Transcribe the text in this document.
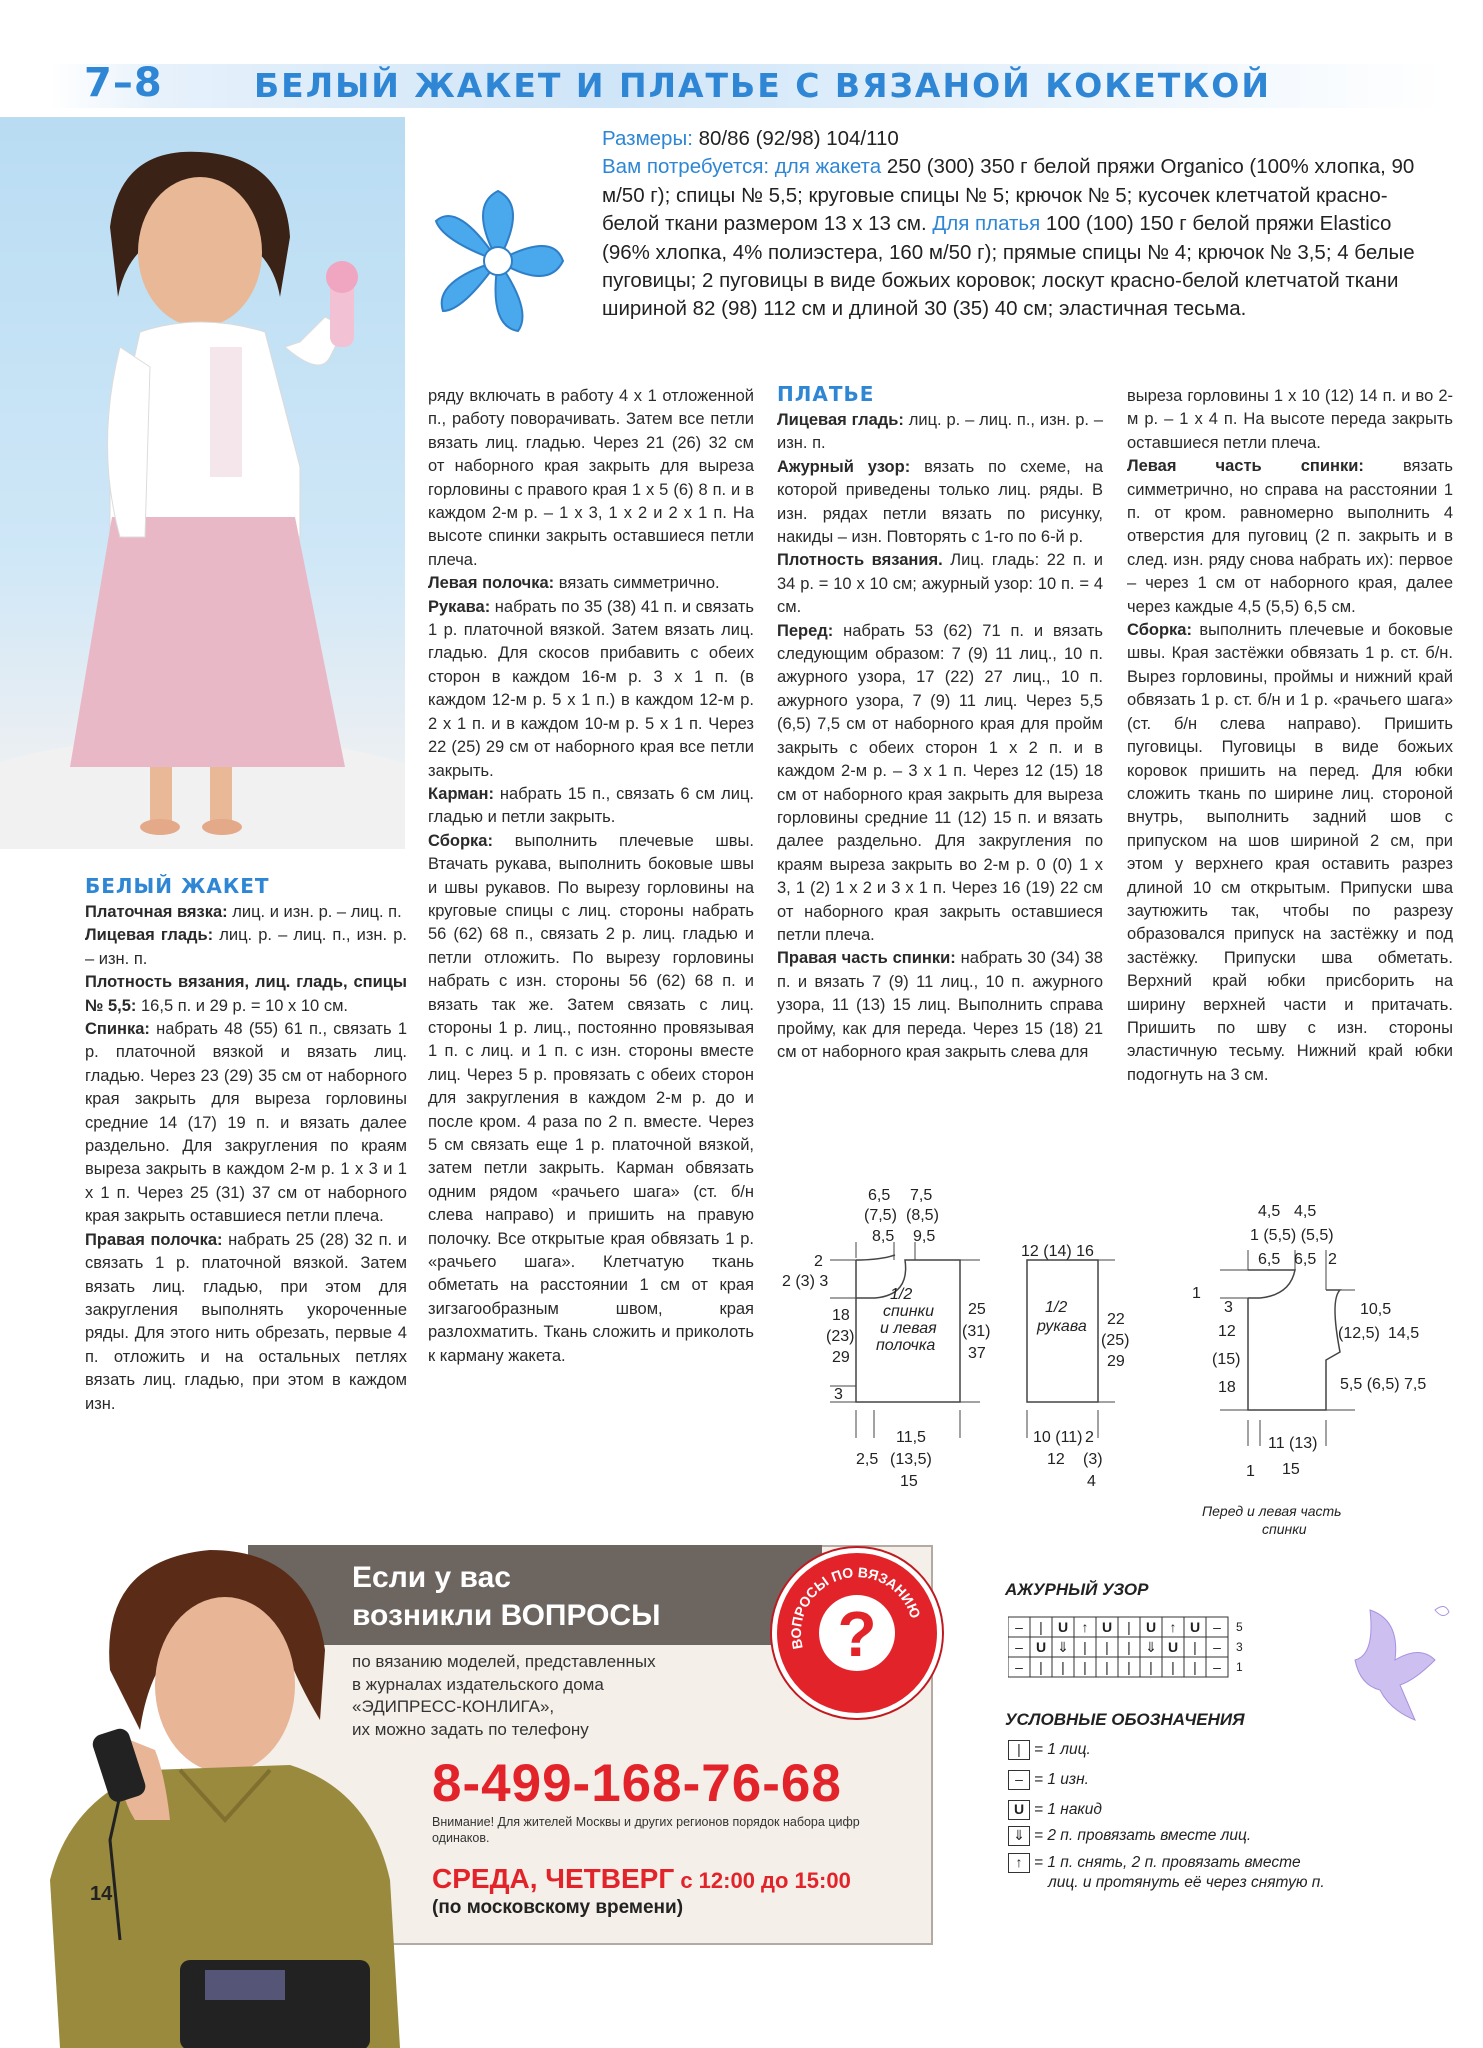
7–8	БЕЛЫЙ ЖАКЕТ И ПЛАТЬЕ С ВЯЗАНОЙ КОКЕТКОЙ
Размеры: 80/86 (92/98) 104/110
Вам потребуется: для жакета 250 (300) 350 г белой пряжи Organico (100% хлопка, 90 м/50 г); спицы № 5,5; круговые спицы № 5; крючок № 5; кусочек клетчатой красно-белой ткани размером 13 х 13 см. Для платья 100 (100) 150 г белой пряжи Elastico (96% хлопка, 4% полиэстера, 160 м/50 г); прямые спицы № 4; крючок № 3,5; 4 белые пуговицы; 2 пуговицы в виде божьих коровок; лоскут красно-белой клетчатой ткани шириной 82 (98) 112 см и длиной 30 (35) 40 см; эластичная тесьма.
БЕЛЫЙ ЖАКЕТ

Платочная вязка: лиц. и изн. р. – лиц. п.

Лицевая гладь: лиц. р. – лиц. п., изн. р. – изн. п.

Плотность вязания, лиц. гладь, спицы № 5,5: 16,5 п. и 29 р. = 10 х 10 см.

Спинка: набрать 48 (55) 61 п., связать 1 р. платочной вязкой и вязать лиц. гладью. Через 23 (29) 35 см от наборного края закрыть для выреза горловины средние 14 (17) 19 п. и вязать далее раздельно. Для закругления по краям выреза закрыть в каждом 2-м р. 1 х 3 и 1 х 1 п. Через 25 (31) 37 см от наборного края закрыть оставшиеся петли плеча.

Правая полочка: набрать 25 (28) 32 п. и связать 1 р. платочной вязкой. Затем вязать лиц. гладью, при этом для закругления выполнять укороченные ряды. Для этого нить обрезать, первые 4 п. отложить и на остальных петлях вязать лиц. гладью, при этом в каждом изн.

ряду включать в работу 4 х 1 отложенной п., работу поворачивать. Затем все петли вязать лиц. гладью. Через 21 (26) 32 см от наборного края закрыть для выреза горловины с правого края 1 х 5 (6) 8 п. и в каждом 2-м р. – 1 х 3, 1 х 2 и 2 х 1 п. На высоте спинки закрыть оставшиеся петли плеча.

Левая полочка: вязать симметрично.

Рукава: набрать по 35 (38) 41 п. и связать 1 р. платочной вязкой. Затем вязать лиц. гладью. Для скосов прибавить с обеих сторон в каждом 16-м р. 3 х 1 п. (в каждом 12-м р. 5 х 1 п.) в каждом 12-м р. 2 х 1 п. и в каждом 10-м р. 5 х 1 п. Через 22 (25) 29 см от наборного края все петли закрыть.

Карман: набрать 15 п., связать 6 см лиц. гладью и петли закрыть.

Сборка: выполнить плечевые швы. Втачать рукава, выполнить боковые швы и швы рукавов. По вырезу горловины на круговые спицы с лиц. стороны набрать 56 (62) 68 п., связать 2 р. лиц. гладью и петли отложить. По вырезу горловины набрать с изн. стороны 56 (62) 68 п. и вязать так же. Затем связать с лиц. стороны 1 р. лиц., постоянно провязывая 1 п. с лиц. и 1 п. с изн. стороны вместе лиц. Через 5 р. провязать с обеих сторон для закругления в каждом 2-м р. до и после кром. 4 раза по 2 п. вместе. Через 5 см связать еще 1 р. платочной вязкой, затем петли закрыть. Карман обвязать одним рядом «рачьего шага» (ст. б/н слева направо) и пришить на правую полочку. Все открытые края обвязать 1 р. «рачьего шага». Клетчатую ткань обметать на расстоянии 1 см от края зигзагообразным швом, края разлохматить. Ткань сложить и приколоть к карману жакета.

ПЛАТЬЕ

Лицевая гладь: лиц. р. – лиц. п., изн. р. – изн. п.

Ажурный узор: вязать по схеме, на которой приведены только лиц. ряды. В изн. рядах петли вязать по рисунку, накиды – изн. Повторять с 1-го по 6-й р.

Плотность вязания. Лиц. гладь: 22 п. и 34 р. = 10 х 10 см; ажурный узор: 10 п. = 4 см.

Перед: набрать 53 (62) 71 п. и вязать следующим образом: 7 (9) 11 лиц., 10 п. ажурного узора, 17 (22) 27 лиц., 10 п. ажурного узора, 7 (9) 11 лиц. Через 5,5 (6,5) 7,5 см от наборного края для пройм закрыть с обеих сторон 1 х 2 п. и в каждом 2-м р. – 3 х 1 п. Через 12 (15) 18 см от наборного края закрыть для выреза горловины средние 11 (12) 15 п. и вязать далее раздельно. Для закругления по краям выреза закрыть во 2-м р. 0 (0) 1 х 3, 1 (2) 1 х 2 и 3 х 1 п. Через 16 (19) 22 см от наборного края закрыть оставшиеся петли плеча.

Правая часть спинки: набрать 30 (34) 38 п. и вязать 7 (9) 11 лиц., 10 п. ажурного узора, 11 (13) 15 лиц. Выполнить справа пройму, как для переда. Через 15 (18) 21 см от наборного края закрыть слева для

выреза горловины 1 х 10 (12) 14 п. и во 2-м р. – 1 х 4 п. На высоте переда закрыть оставшиеся петли плеча.

Левая часть спинки: вязать симметрично, но справа на расстоянии 1 п. от кром. равномерно выполнить 4 отверстия для пуговиц (2 п. закрыть и в след. изн. ряду снова набрать их): первое – через 1 см от наборного края, далее через каждые 4,5 (5,5) 6,5 см.

Сборка: выполнить плечевые и боковые швы. Края застёжки обвязать 1 р. ст. б/н. Вырез горловины, проймы и нижний край обвязать 1 р. ст. б/н и 1 р. «рачьего шага» (ст. б/н слева направо). Пришить пуговицы. Пуговицы в виде божьих коровок пришить на перед. Для юбки сложить ткань по ширине лиц. стороной внутрь, выполнить задний шов с припуском на шов шириной 2 см, при этом у верхнего края оставить разрез длиной 10 см открытым. Припуски шва заутюжить так, чтобы по разрезу образовался припуск на застёжку и под застёжку. Припуски шва обметать. Верхний край юбки присборить на ширину верхней части и притачать. Пришить по шву с изн. стороны эластичную тесьму. Нижний край юбки подогнуть на 3 см.

6,5
(7,5)
8,5
7,5
(8,5)
9,5
2
2 (3) 3
18
(23)
29
3
25
(31)
37
1/2
спинки
и левая
полочка
11,5
2,5 (13,5)
15
12 (14) 16
1/2
рукава 22
(25)
29
10 (11)
12
2
(3)
4
4,5 4,5
1 (5,5) (5,5)
6,5 6,5 2
1
3
12
(15)
18
10,5
(12,5) 14,5
5,5 (6,5) 7,5
11 (13)
1 15
Перед и левая часть
спинки
Если у вас
возникли ВОПРОСЫ
ВОПРОСЫ ПО ВЯЗАНИЮ
?
по вязанию моделей, представленных
в журналах издательского дома
«ЭДИПРЕСС-КОНЛИГА»,
их можно задать по телефону
8-499-168-76-68
Внимание! Для жителей Москвы и других регионов порядок набора цифр одинаков.
СРЕДА, ЧЕТВЕРГ с 12:00 до 15:00
(по московскому времени)
14
АЖУРНЫЙ УЗОР
– | U ↑ U | U ↑ U –
– U ⇓ | | | ⇓ U | –
– | | | | | | | | –
5
3
1
УСЛОВНЫЕ ОБОЗНАЧЕНИЯ
| = 1 лиц.
– = 1 изн.
U = 1 накид
⇓ = 2 п. провязать вместе лиц.
↑ = 1 п. снять, 2 п. провязать вместе
лиц. и протянуть её через снятую п.
